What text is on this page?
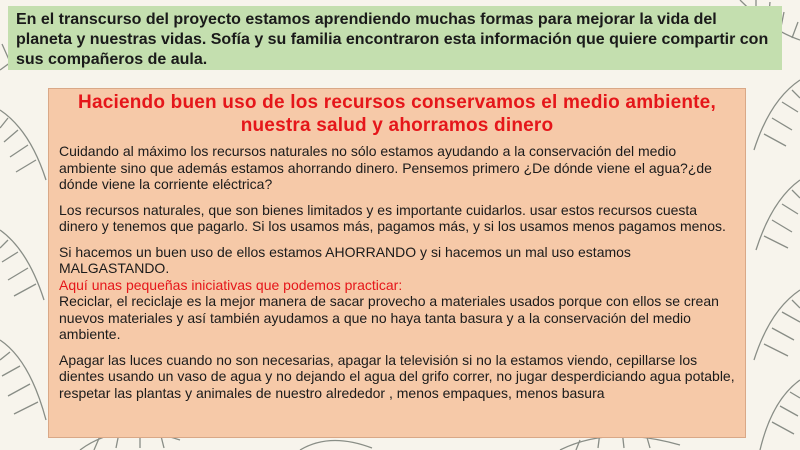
En el transcurso del proyecto estamos aprendiendo muchas formas para mejorar la vida del planeta y nuestras vidas. Sofía y su familia encontraron esta información que quiere compartir con sus compañeros de aula.
Haciendo buen uso de los recursos conservamos el medio ambiente, nuestra salud y ahorramos dinero

Cuidando al máximo los recursos naturales no sólo estamos ayudando a la conservación del medio ambiente sino que además estamos ahorrando dinero. Pensemos primero ¿De dónde viene el agua?¿de dónde viene la corriente eléctrica?

Los recursos naturales, que son bienes limitados y es importante cuidarlos. usar estos recursos cuesta dinero y tenemos que pagarlo. Si los usamos más, pagamos más, y si los usamos menos pagamos menos.

Si hacemos un buen uso de ellos estamos AHORRANDO y si hacemos un mal uso estamos MALGASTANDO.

Aquí unas pequeñas iniciativas que podemos practicar:

Reciclar, el reciclaje es la mejor manera de sacar provecho a materiales usados porque con ellos se crean nuevos materiales y así también ayudamos a que no haya tanta basura y a la conservación del medio ambiente.

Apagar las luces cuando no son necesarias, apagar la televisión si no la estamos viendo, cepillarse los dientes usando un vaso de agua y no dejando el agua del grifo correr, no jugar desperdiciando agua potable, respetar las plantas y animales de nuestro alrededor , menos empaques, menos basura
